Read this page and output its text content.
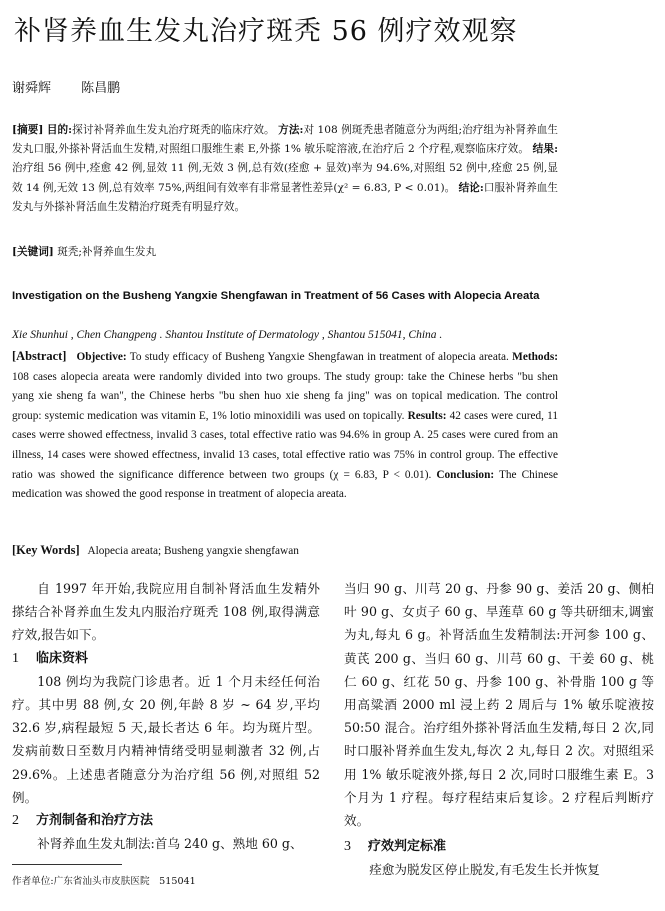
补肾养血生发丸治疗斑秃 56 例疗效观察
谢舜辉 陈昌鹏
[摘要] 目的:探讨补肾养血生发丸治疗斑秃的临床疗效。 方法:对 108 例斑秃患者随意分为两组;治疗组为补肾养血生发丸口服,外搽补肾活血生发精,对照组口服维生素 E,外搽 1% 敏乐啶溶液,在治疗后 2 个疗程,观察临床疗效。 结果:治疗组 56 例中,痊愈 42 例,显效 11 例,无效 3 例,总有效(痊愈 + 显效)率为 94.6%,对照组 52 例中,痊愈 25 例,显效 14 例,无效 13 例,总有效率 75%,两组间有效率有非常显著性差异(χ² = 6.83, P < 0.01)。 结论:口服补肾养血生发丸与外搽补肾活血生发精治疗斑秃有明显疗效。
[关键词] 斑秃;补肾养血生发丸
Investigation on the Busheng Yangxie Shengfawan in Treatment of 56 Cases with Alopecia Areata
Xie Shunhui , Chen Changpeng . Shantou Institute of Dermatology , Shantou 515041, China .
[Abstract] Objective: To study efficacy of Busheng Yangxie Shengfawan in treatment of alopecia areata. Methods: 108 cases alopecia areata were randomly divided into two groups. The study group: take the Chinese herbs "bu shen yang xie sheng fa wan", the Chinese herbs "bu shen huo xie sheng fa jing" was on topical medication. The control group: systemic medication was vitamin E, 1% lotio minoxidili was used on topically. Results: 42 cases were cured, 11 cases werre showed effectness, invalid 3 cases, total effective ratio was 94.6% in group A. 25 cases were cured from an illness, 14 cases were showed effectness, invalid 13 cases, total effective ratio was 75% in control group. The effective ratio was showed the significance difference between two groups (χ = 6.83, P < 0.01). Conclusion: The Chinese medication was showed the good response in treatment of alopecia areata.
[Key Words] Alopecia areata; Busheng yangxie shengfawan

自 1997 年开始,我院应用自制补肾活血生发精外搽结合补肾养血生发丸内服治疗斑秃 108 例,取得满意疗效,报告如下。

1 临床资料

108 例均为我院门诊患者。近 1 个月未经任何治疗。其中男 88 例,女 20 例,年龄 8 岁 ~ 64 岁,平均 32.6 岁,病程最短 5 天,最长者达 6 年。均为斑片型。发病前数日至数月内精神情绪受明显刺激者 32 例,占 29.6%。上述患者随意分为治疗组 56 例,对照组 52 例。

2 方剂制备和治疗方法

补肾养血生发丸制法:首乌 240 g、熟地 60 g、

当归 90 g、川芎 20 g、丹参 90 g、姜活 20 g、侧柏叶 90 g、女贞子 60 g、旱莲草 60 g 等共研细末,调蜜为丸,每丸 6 g。补肾活血生发精制法:开河参 100 g、黄芪 200 g、当归 60 g、川芎 60 g、干姜 60 g、桃仁 60 g、红花 50 g、丹参 100 g、补骨脂 100 g 等用高粱酒 2000 ml 浸上药 2 周后与 1% 敏乐啶液按 50:50 混合。治疗组外搽补肾活血生发精,每日 2 次,同时口服补肾养血生发丸,每次 2 丸,每日 2 次。对照组采用 1% 敏乐啶液外搽,每日 2 次,同时口服维生素 E。3 个月为 1 疗程。每疗程结束后复诊。2 疗程后判断疗效。

3 疗效判定标准

痊愈为脱发区停止脱发,有毛发生长并恢复

作者单位:广东省汕头市皮肤医院　515041
